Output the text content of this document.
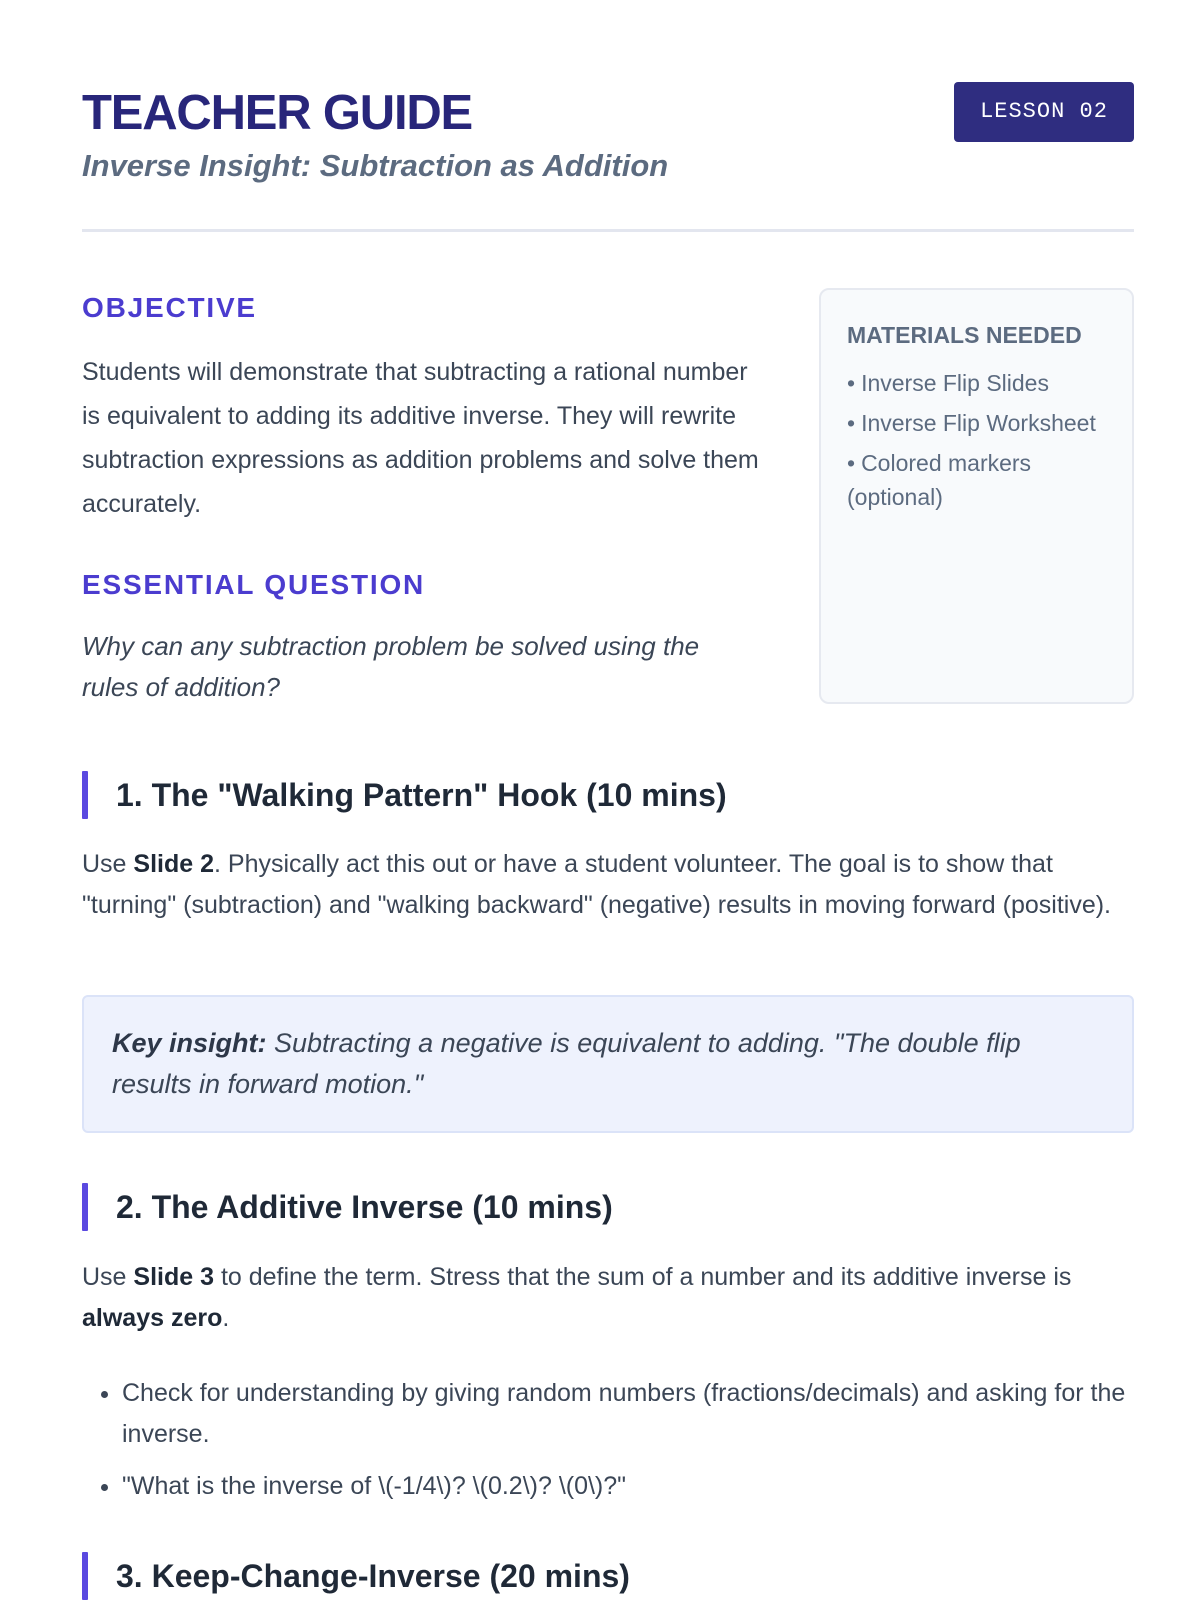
TEACHER GUIDE
Inverse Insight: Subtraction as Addition
LESSON 02
OBJECTIVE

Students will demonstrate that subtracting a rational number is equivalent to adding its additive inverse. They will rewrite subtraction expressions as addition problems and solve them accurately.

ESSENTIAL QUESTION

Why can any subtraction problem be solved using the rules of addition?

MATERIALS NEEDED
• Inverse Flip Slides
• Inverse Flip Worksheet
• Colored markers (optional)
1. The "Walking Pattern" Hook (10 mins)

Use Slide 2. Physically act this out or have a student volunteer. The goal is to show that "turning" (subtraction) and "walking backward" (negative) results in moving forward (positive).

Key insight: Subtracting a negative is equivalent to adding. "The double flip results in forward motion."
2. The Additive Inverse (10 mins)

Use Slide 3 to define the term. Stress that the sum of a number and its additive inverse is always zero.

• Check for understanding by giving random numbers (fractions/decimals) and asking for the inverse.
• "What is the inverse of \(-1/4\)? \(0.2\)? \(0\)?"
3. Keep-Change-Inverse (20 mins)
